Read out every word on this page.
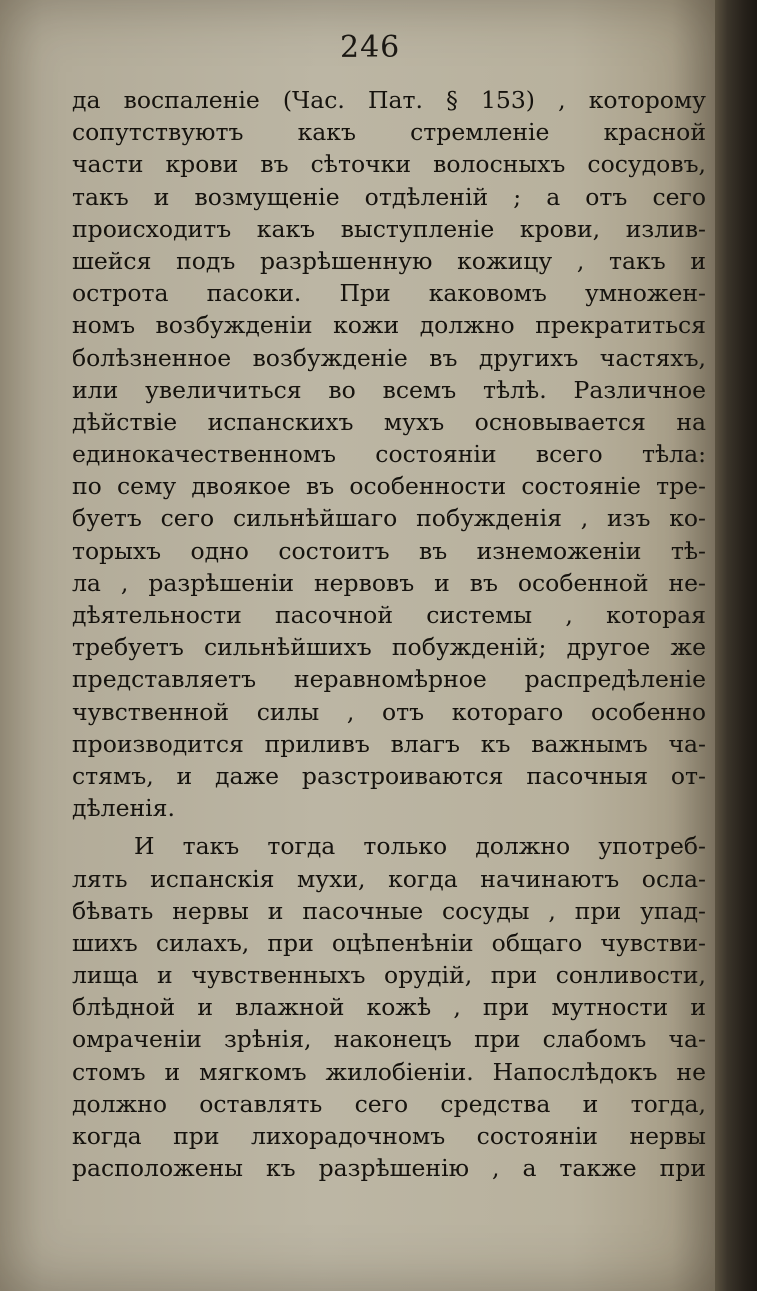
246
да воспаленіе (Час. Пат. § 153) , которому
сопутствуютъ какъ стремленіе красной
части крови въ сѣточки волосныхъ сосудовъ,
такъ и возмущеніе отдѣленій ; а отъ сего
происходитъ какъ выступленіе крови, излив-
шейся подъ разрѣшенную кожицу , такъ и
острота пасоки. При каковомъ умножен-
номъ возбужденіи кожи должно прекратиться
болѣзненное возбужденіе въ другихъ частяхъ,
или увеличиться во всемъ тѣлѣ. Различное
дѣйствіе испанскихъ мухъ основывается на
единокачественномъ состояніи всего тѣла:
по сему двоякое въ особенности состояніе тре-
буетъ сего сильнѣйшаго побужденія , изъ ко-
торыхъ одно состоитъ въ изнеможеніи тѣ-
ла , разрѣшеніи нервовъ и въ особенной не-
дѣятельности пасочной системы , которая
требуетъ сильнѣйшихъ побужденій; другое же
представляетъ неравномѣрное распредѣленіе
чувственной силы , отъ котораго особенно
производится приливъ влагъ къ важнымъ ча-
стямъ, и даже разстроиваются пасочныя от-
дѣленія.
И такъ тогда только должно употреб-
лять испанскія мухи, когда начинаютъ осла-
бѣвать нервы и пасочные сосуды , при упад-
шихъ силахъ, при оцѣпенѣніи общаго чувстви-
лища и чувственныхъ орудій, при сонливости,
блѣдной и влажной кожѣ , при мутности и
омраченіи зрѣнія, наконецъ при слабомъ ча-
стомъ и мягкомъ жилобіеніи. Напослѣдокъ не
должно оставлять сего средства и тогда,
когда при лихорадочномъ состояніи нервы
расположены къ разрѣшенію , а также при
